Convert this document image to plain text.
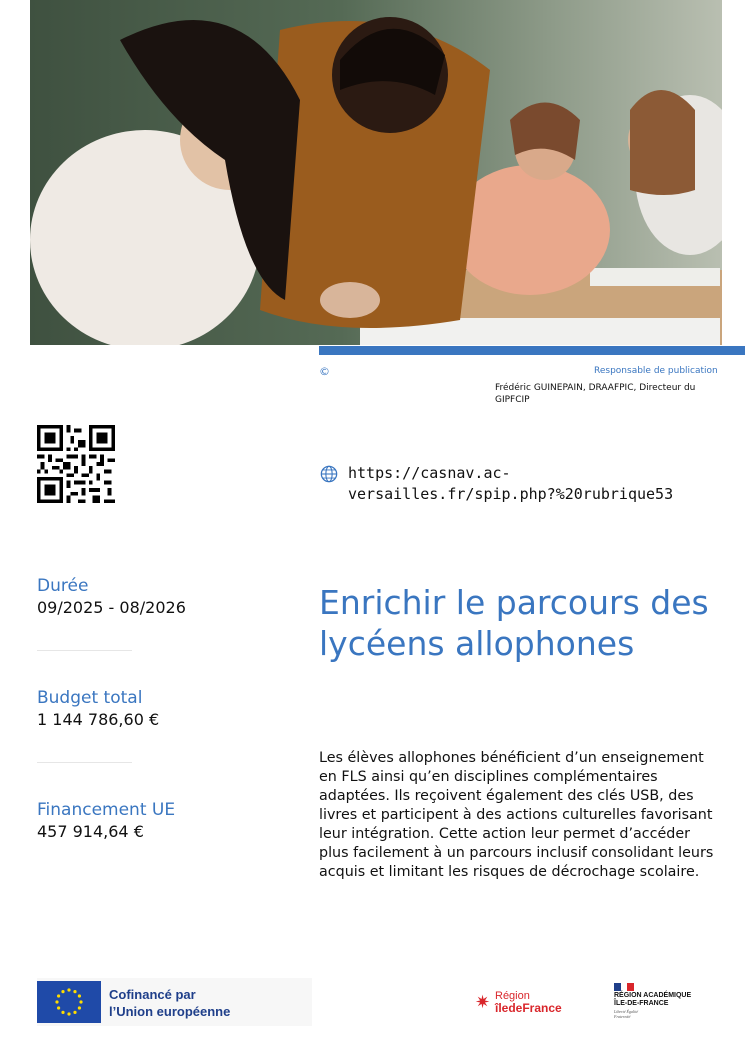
©	Responsable de publication
Frédéric GUINEPAIN, DRAAFPIC, Directeur du GIPFCIP
https://casnav.ac-versailles.fr/spip.php?%20rubrique53
Durée
09/2025 - 08/2026
Budget total
1 144 786,60 €
Financement UE
457 914,64 €
Enrichir le parcours des lycéens allophones

Les élèves allophones bénéficient d’un enseignement en FLS ainsi qu’en disciplines complémentaires adaptées. Ils reçoivent également des clés USB, des livres et participent à des actions culturelles favorisant leur intégration. Cette action leur permet d’accéder plus facilement à un parcours inclusif consolidant leurs acquis et limitant les risques de décrochage scolaire.

Cofinancé par
l’Union européenne	✷ Région
îledeFrance
RÉGION ACADÉMIQUE
ÎLE-DE-FRANCE
Liberté Égalité Fraternité
